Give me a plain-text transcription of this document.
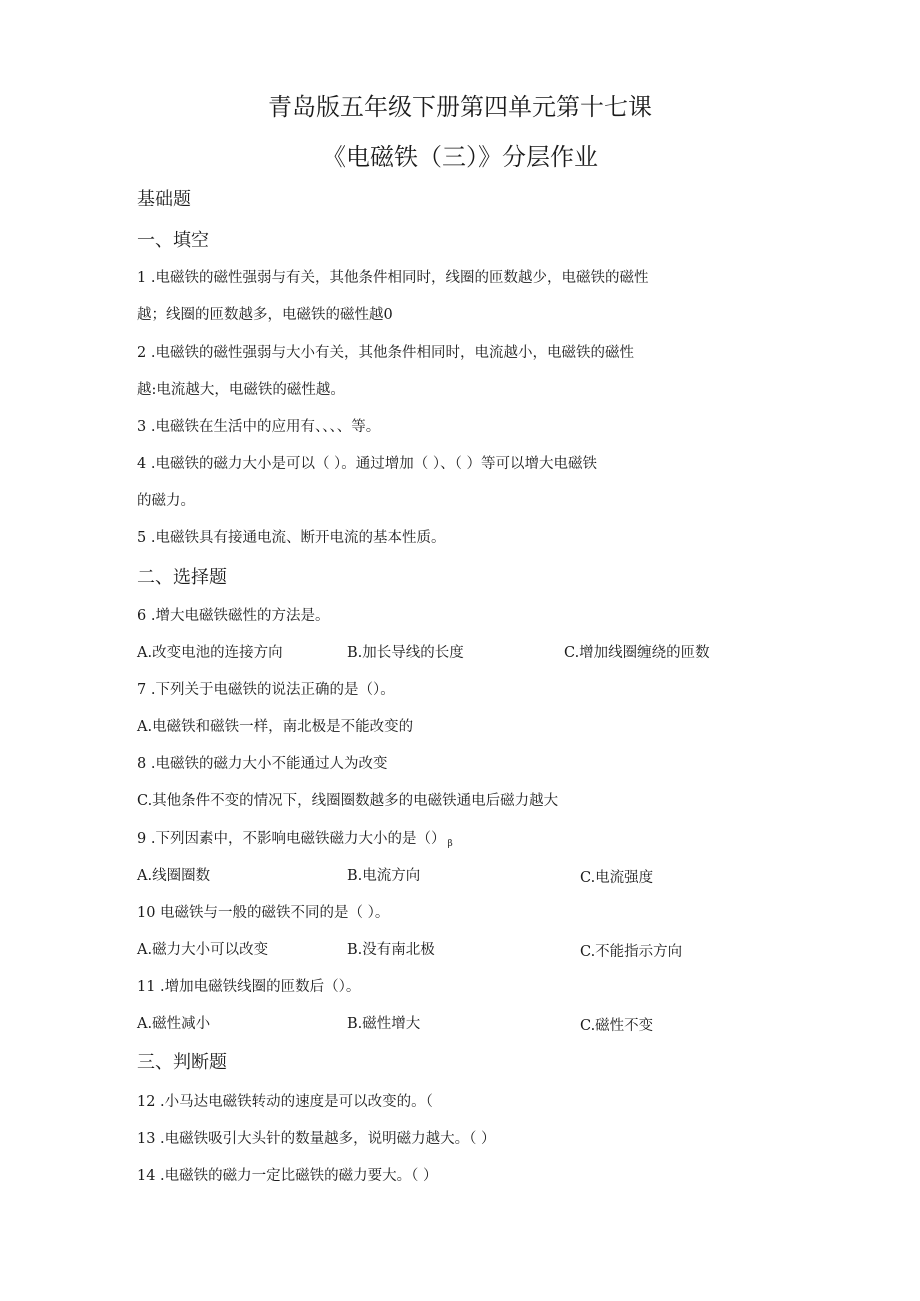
青岛版五年级下册第四单元第十七课
《电磁铁（三）》分层作业
基础题
一、填空
1 .电磁铁的磁性强弱与有关，其他条件相同时，线圈的匝数越少，电磁铁的磁性
越；线圈的匝数越多，电磁铁的磁性越0
2 .电磁铁的磁性强弱与大小有关，其他条件相同时，电流越小，电磁铁的磁性
越:电流越大，电磁铁的磁性越。
3 .电磁铁在生活中的应用有、、、、等。
4 .电磁铁的磁力大小是可以（ ）。通过增加（ ）、（ ）等可以增大电磁铁
的磁力。
5 .电磁铁具有接通电流、断开电流的基本性质。
二、选择题
6 .增大电磁铁磁性的方法是。
A.改变电池的连接方向	B.加长导线的长度	C.增加线圈缠绕的匝数
7 .下列关于电磁铁的说法正确的是（）。
A.电磁铁和磁铁一样，南北极是不能改变的
8 .电磁铁的磁力大小不能通过人为改变
C.其他条件不变的情况下，线圈圈数越多的电磁铁通电后磁力越大
9 .下列因素中，不影响电磁铁磁力大小的是（） $_\beta$
A.线圈圈数	B.电流方向	C.电流强度
10 电磁铁与一般的磁铁不同的是（ ）。
A.磁力大小可以改变	B.没有南北极	C.不能指示方向
11 .增加电磁铁线圈的匝数后（）。
A.磁性减小	B.磁性增大	C.磁性不变
三、判断题
12 .小马达电磁铁转动的速度是可以改变的。（
13 .电磁铁吸引大头针的数量越多，说明磁力越大。（ ）
14 .电磁铁的磁力一定比磁铁的磁力要大。（ ）
